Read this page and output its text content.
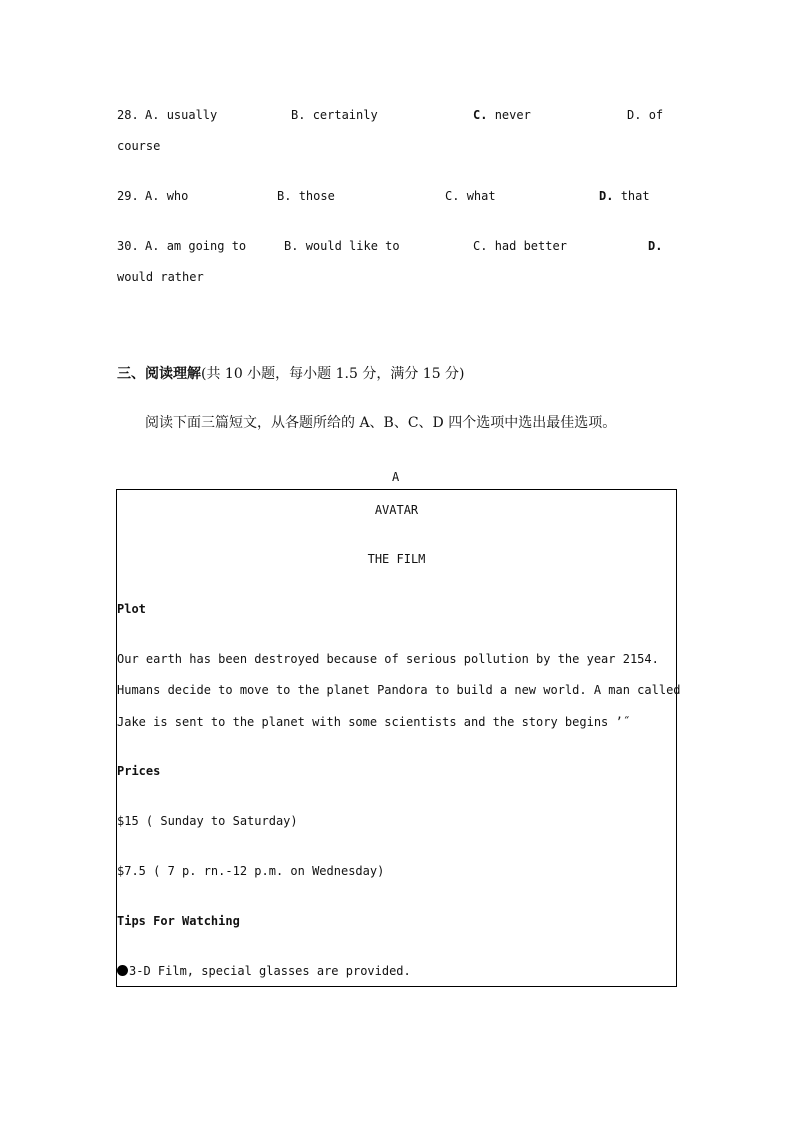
28. A. usually	B. certainly	C. never	D. of
course
29. A. who	B. those	C. what	D. that
30. A. am going to	B. would like to	C. had better	D.
would rather
三、阅读理解(共 10 小题，每小题 1.5 分，满分 15 分)
阅读下面三篇短文，从各题所给的 A、B、C、D 四个选项中选出最佳选项。
A
AVATAR
THE FILM
Plot
Our earth has been destroyed because of serious pollution by the year 2154.
Humans decide to move to the planet Pandora to build a new world. A man called
Jake is sent to the planet with some scientists and the story begins ’˝
Prices
$15 ( Sunday to Saturday)
$7.5 ( 7 p. rn.-12 p.m. on Wednesday)
Tips For Watching
3-D Film, special glasses are provided.
